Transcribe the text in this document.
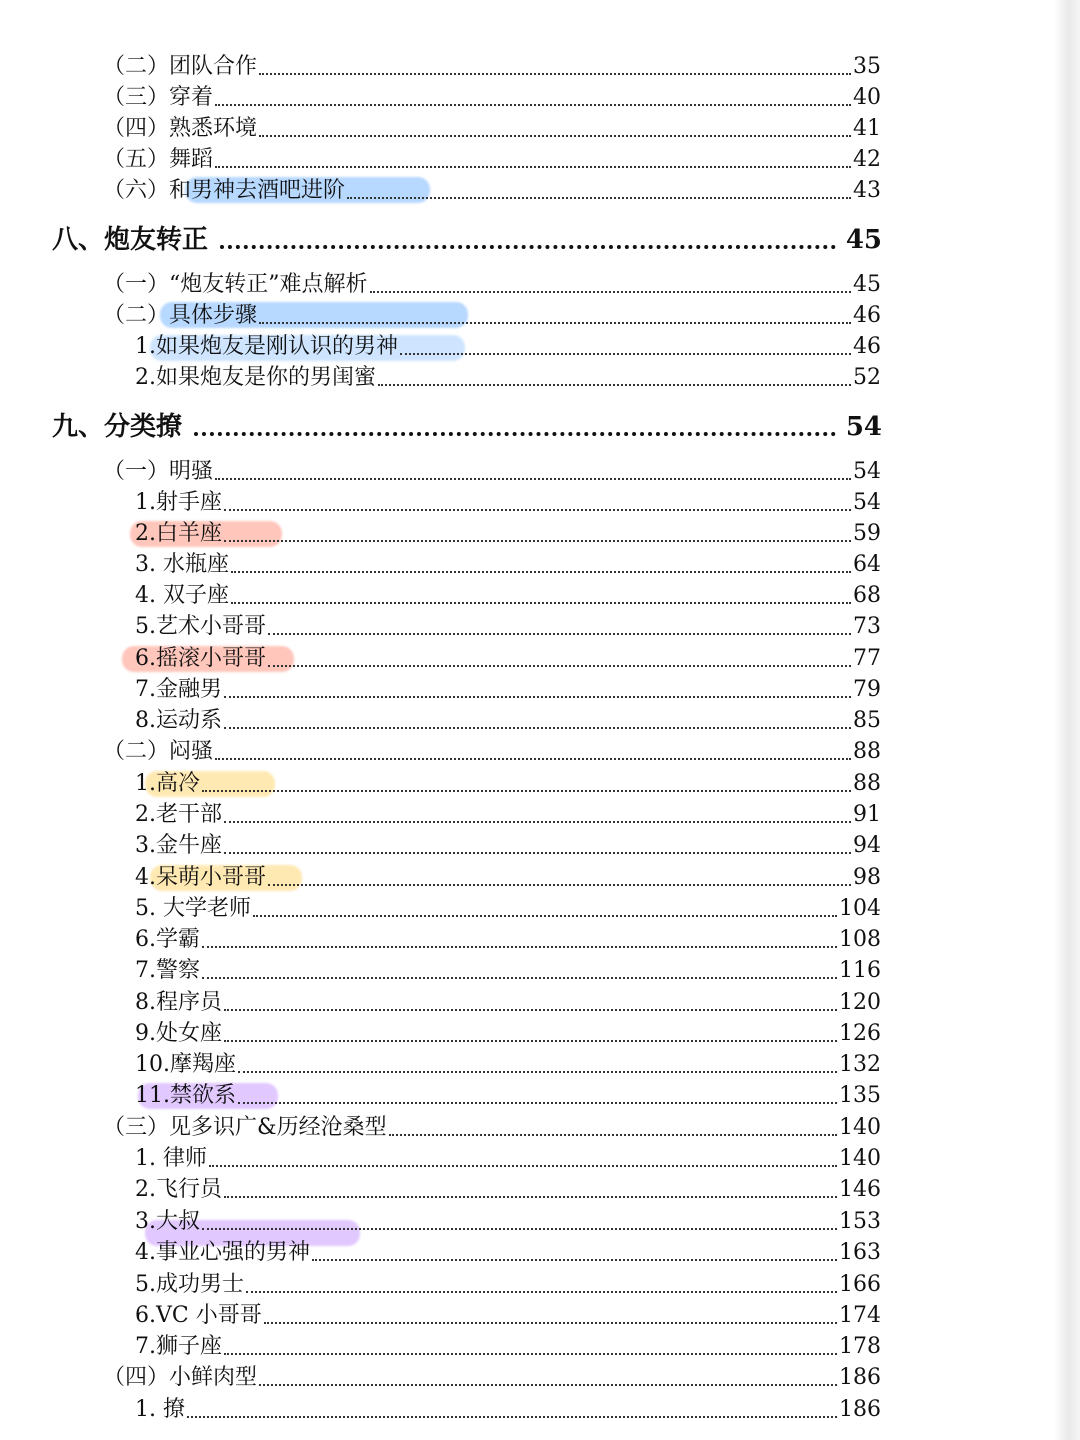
（二）团队合作	35
（三）穿着	40
（四）熟悉环境	41
（五）舞蹈	42
（六）和男神去酒吧进阶	43
八、炮友转正	45
（一）“炮友转正”难点解析	45
（二）具体步骤	46
1.如果炮友是刚认识的男神	46
2.如果炮友是你的男闺蜜	52
九、分类撩	54
（一）明骚	54
1.射手座	54
2.白羊座	59
3. 水瓶座	64
4. 双子座	68
5.艺术小哥哥	73
6.摇滚小哥哥	77
7.金融男	79
8.运动系	85
（二）闷骚	88
1.高冷	88
2.老干部	91
3.金牛座	94
4.呆萌小哥哥	98
5. 大学老师	104
6.学霸	108
7.警察	116
8.程序员	120
9.处女座	126
10.摩羯座	132
11.禁欲系	135
（三）见多识广&历经沧桑型	140
1. 律师	140
2.飞行员	146
3.大叔	153
4.事业心强的男神	163
5.成功男士	166
6.VC 小哥哥	174
7.狮子座	178
（四）小鲜肉型	186
1. 撩	186
